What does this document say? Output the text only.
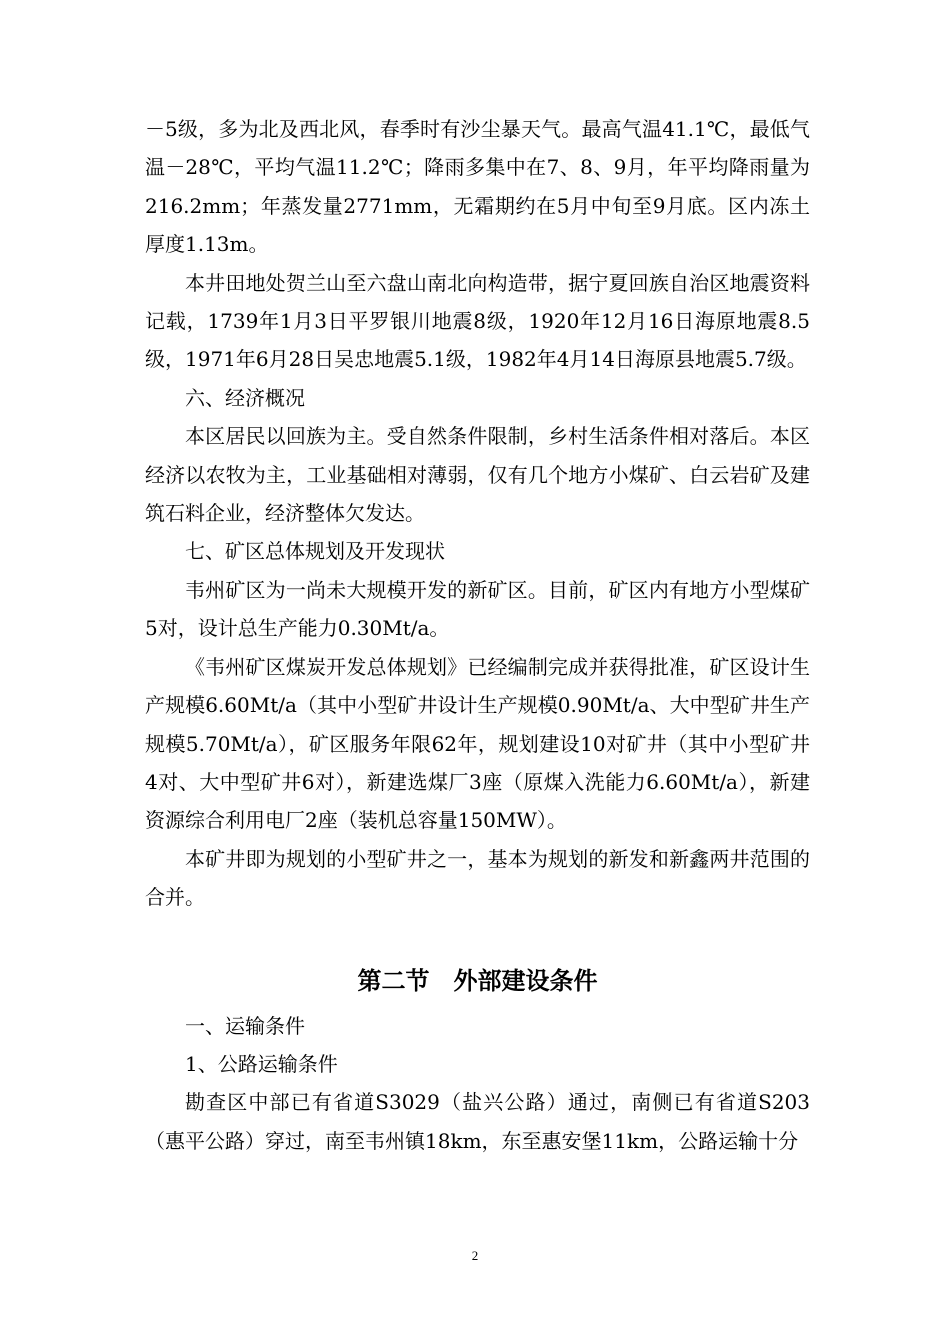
－5级，多为北及西北风，春季时有沙尘暴天气。最高气温41.1℃，最低气温－28℃，平均气温11.2℃；降雨多集中在7、8、9月，年平均降雨量为216.2mm；年蒸发量2771mm，无霜期约在5月中旬至9月底。区内冻土厚度1.13m。

本井田地处贺兰山至六盘山南北向构造带，据宁夏回族自治区地震资料记载，1739年1月3日平罗银川地震8级，1920年12月16日海原地震8.5级，1971年6月28日吴忠地震5.1级，1982年4月14日海原县地震5.7级。

六、经济概况

本区居民以回族为主。受自然条件限制，乡村生活条件相对落后。本区经济以农牧为主，工业基础相对薄弱，仅有几个地方小煤矿、白云岩矿及建筑石料企业，经济整体欠发达。

七、矿区总体规划及开发现状

韦州矿区为一尚未大规模开发的新矿区。目前，矿区内有地方小型煤矿5对，设计总生产能力0.30Mt/a。

《韦州矿区煤炭开发总体规划》已经编制完成并获得批准，矿区设计生产规模6.60Mt/a（其中小型矿井设计生产规模0.90Mt/a、大中型矿井生产规模5.70Mt/a），矿区服务年限62年，规划建设10对矿井（其中小型矿井4对、大中型矿井6对），新建选煤厂3座（原煤入洗能力6.60Mt/a），新建资源综合利用电厂2座（装机总容量150MW）。

本矿井即为规划的小型矿井之一，基本为规划的新发和新鑫两井范围的合并。

第二节　外部建设条件

一、运输条件

1、公路运输条件

勘查区中部已有省道S3029（盐兴公路）通过，南侧已有省道S203（惠平公路）穿过，南至韦州镇18km，东至惠安堡11km，公路运输十分

2
